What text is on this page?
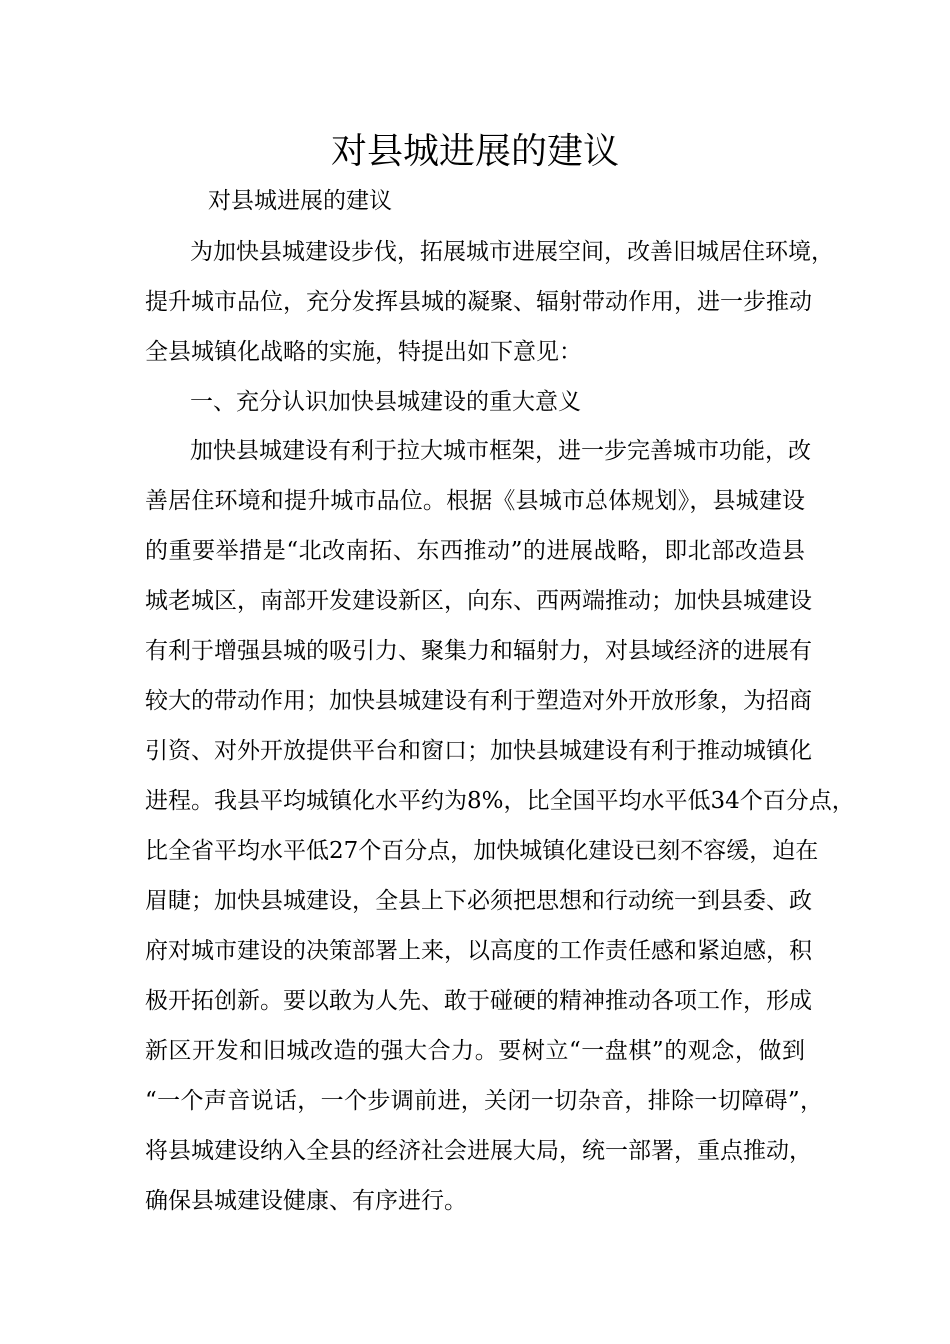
对县城进展的建议
对县城进展的建议
为加快县城建设步伐，拓展城市进展空间，改善旧城居住环境，
提升城市品位，充分发挥县城的凝聚、辐射带动作用，进一步推动
全县城镇化战略的实施，特提出如下意见：
一、充分认识加快县城建设的重大意义
加快县城建设有利于拉大城市框架，进一步完善城市功能，改
善居住环境和提升城市品位。根据《县城市总体规划》，县城建设
的重要举措是“北改南拓、东西推动”的进展战略，即北部改造县
城老城区，南部开发建设新区，向东、西两端推动；加快县城建设
有利于增强县城的吸引力、聚集力和辐射力，对县域经济的进展有
较大的带动作用；加快县城建设有利于塑造对外开放形象，为招商
引资、对外开放提供平台和窗口；加快县城建设有利于推动城镇化
进程。我县平均城镇化水平约为8%，比全国平均水平低34个百分点，
比全省平均水平低27个百分点，加快城镇化建设已刻不容缓，迫在
眉睫；加快县城建设，全县上下必须把思想和行动统一到县委、政
府对城市建设的决策部署上来，以高度的工作责任感和紧迫感，积
极开拓创新。要以敢为人先、敢于碰硬的精神推动各项工作，形成
新区开发和旧城改造的强大合力。要树立“一盘棋”的观念，做到
“一个声音说话，一个步调前进，关闭一切杂音，排除一切障碍”，
将县城建设纳入全县的经济社会进展大局，统一部署，重点推动，
确保县城建设健康、有序进行。
